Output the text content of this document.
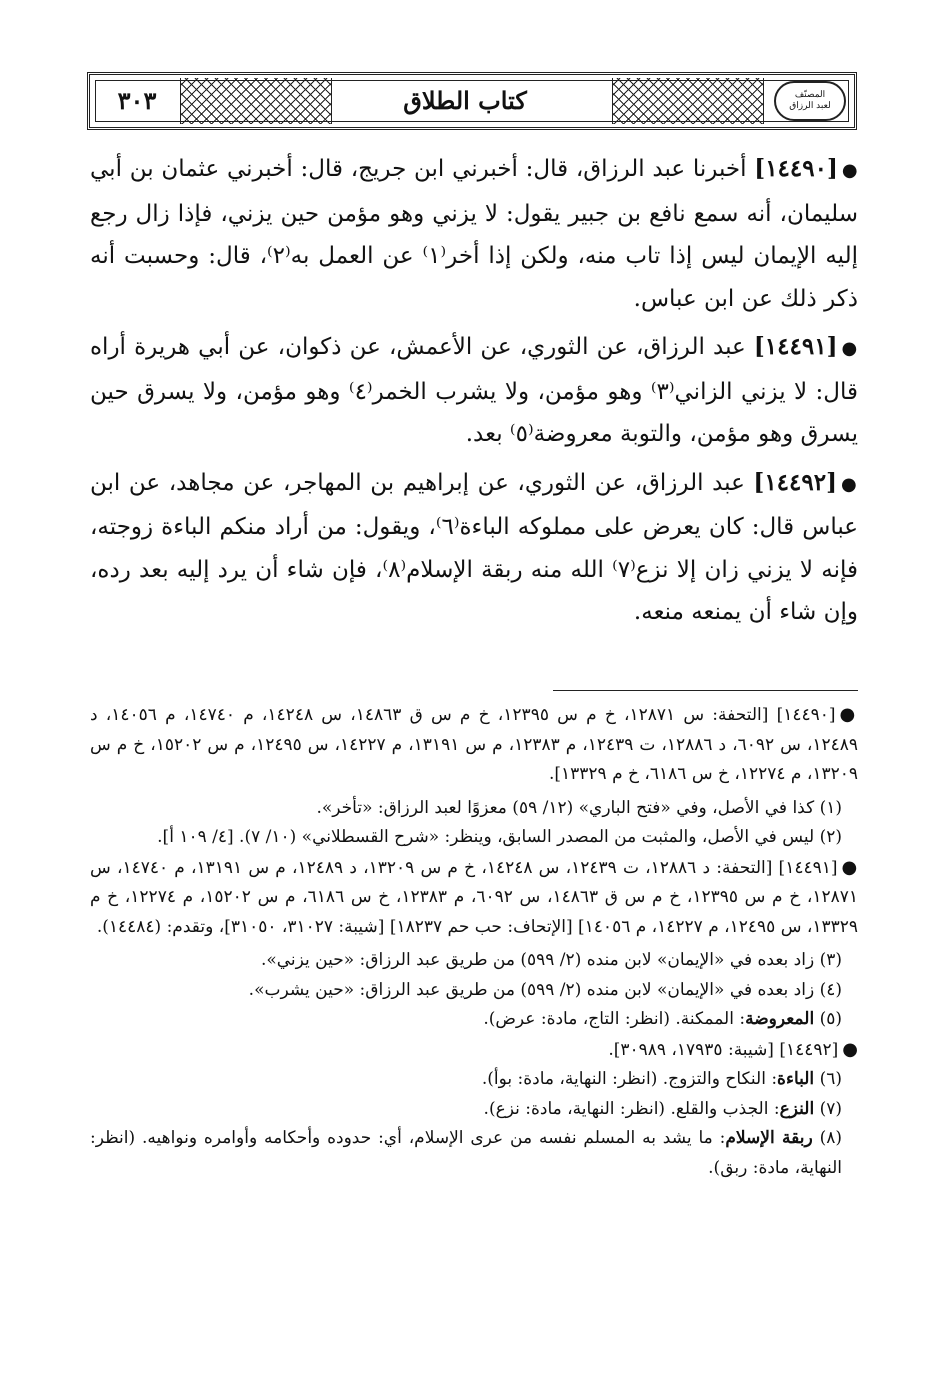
٣٠٣	كتاب الطلاق	المصنّف
لعبد الرزاق

●[١٤٤٩٠] أخبرنا عبد الرزاق، قال: أخبرني ابن جريج، قال: أخبرني عثمان بن أبي سليمان، أنه سمع نافع بن جبير يقول: لا يزني وهو مؤمن حين يزني، فإذا زال رجع إليه الإيمان ليس إذا تاب منه، ولكن إذا أخر⁽١⁾ عن العمل به⁽٢⁾، قال: وحسبت أنه ذكر ذلك عن ابن عباس.

●[١٤٤٩١] عبد الرزاق، عن الثوري، عن الأعمش، عن ذكوان، عن أبي هريرة أراه قال: لا يزني الزاني⁽٣⁾ وهو مؤمن، ولا يشرب الخمر⁽٤⁾ وهو مؤمن، ولا يسرق حين يسرق وهو مؤمن، والتوبة معروضة⁽٥⁾ بعد.

●[١٤٤٩٢] عبد الرزاق، عن الثوري، عن إبراهيم بن المهاجر، عن مجاهد، عن ابن عباس قال: كان يعرض على مملوكه الباءة⁽٦⁾، ويقول: من أراد منكم الباءة زوجته، فإنه لا يزني زان إلا نزع⁽٧⁾ الله منه ربقة الإسلام⁽٨⁾، فإن شاء أن يرد إليه بعد رده، وإن شاء أن يمنعه منعه.

●[١٤٤٩٠] [التحفة: س ١٢٨٧١، خ م س ١٢٣٩٥، خ م س ق ١٤٨٦٣، س ١٤٢٤٨، م ١٤٧٤٠، م ١٤٠٥٦، د ١٢٤٨٩، س ٦٠٩٢، د ١٢٨٨٦، ت ١٢٤٣٩، م ١٢٣٨٣، م س ١٣١٩١، م ١٤٢٢٧، س ١٢٤٩٥، م س ١٥٢٠٢، خ م س ١٣٢٠٩، م ١٢٢٧٤، خ س ٦١٨٦، خ م ١٣٣٢٩].

(١) كذا في الأصل، وفي «فتح الباري» (١٢/ ٥٩) معزوًا لعبد الرزاق: «تأخر».

(٢) ليس في الأصل، والمثبت من المصدر السابق، وينظر: «شرح القسطلاني» (١٠/ ٧). [٤/ ١٠٩ أ].

●[١٤٤٩١] [التحفة: د ١٢٨٨٦، ت ١٢٤٣٩، س ١٤٢٤٨، خ م س ١٣٢٠٩، د ١٢٤٨٩، م س ١٣١٩١، م ١٤٧٤٠، س ١٢٨٧١، خ م س ١٢٣٩٥، خ م س ق ١٤٨٦٣، س ٦٠٩٢، م ١٢٣٨٣، خ س ٦١٨٦، م س ١٥٢٠٢، م ١٢٢٧٤، خ م ١٣٣٢٩، س ١٢٤٩٥، م ١٤٢٢٧، م ١٤٠٥٦] [الإتحاف: حب حم ١٨٢٣٧] [شيبة: ٣١٠٢٧، ٣١٠٥٠]، وتقدم: (١٤٤٨٤).

(٣) زاد بعده في «الإيمان» لابن منده (٢/ ٥٩٩) من طريق عبد الرزاق: «حين يزني».

(٤) زاد بعده في «الإيمان» لابن منده (٢/ ٥٩٩) من طريق عبد الرزاق: «حين يشرب».

(٥) المعروضة: الممكنة. (انظر: التاج، مادة: عرض).

●[١٤٤٩٢] [شيبة: ١٧٩٣٥، ٣٠٩٨٩].

(٦) الباءة: النكاح والتزوج. (انظر: النهاية، مادة: بوأ).

(٧) النزع: الجذب والقلع. (انظر: النهاية، مادة: نزع).

(٨) ربقة الإسلام: ما يشد به المسلم نفسه من عرى الإسلام، أي: حدوده وأحكامه وأوامره ونواهيه. (انظر: النهاية، مادة: ربق).
